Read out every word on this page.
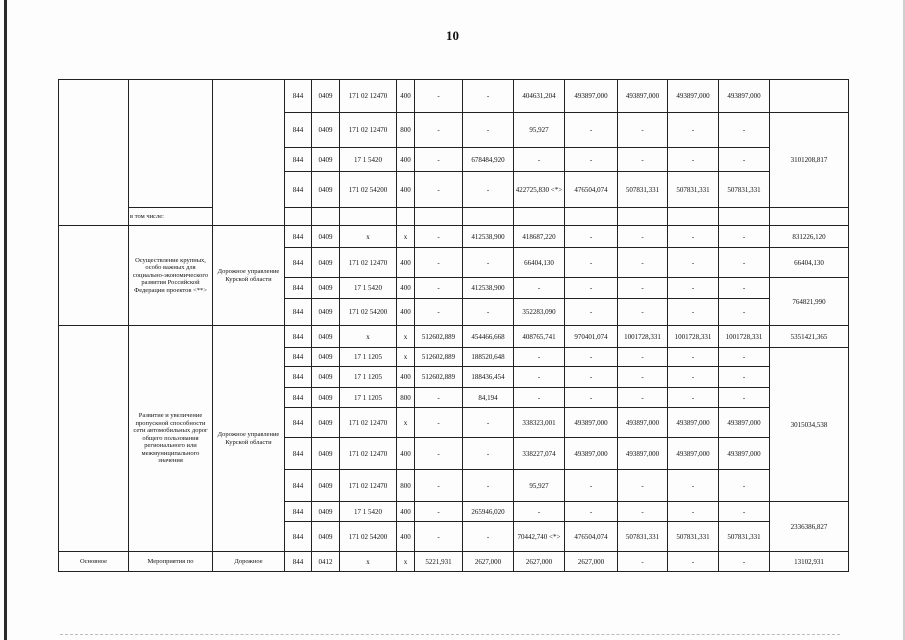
10
			844	0409	171 02 12470	400	-	-	404631,204	493897,000	493897,000	493897,000	493897,000	
			844	0409	171 02 12470	800	-	-	95,927	-	-	-	-	3101208,817
			844	0409	17 1 5420	400	-	678484,920	-	-	-	-	-	
			844	0409	171 02 54200	400	-	-	422725,830 <*>	476504,074	507831,331	507831,331	507831,331	
	в том числе:													
	Осуществление крупных, особо важных для социально-экономического развития Российской Федерации проектов <**>	Дорожное управление Курской области	844	0409	x	x	-	412538,900	418687,220	-	-	-	-	831226,120
			844	0409	171 02 12470	400	-	-	66404,130	-	-	-	-	66404,130
			844	0409	17 1 5420	400	-	412538,900	-	-	-	-	-	764821,990
			844	0409	171 02 54200	400	-	-	352283,090	-	-	-	-	
	Развитие и увеличение пропускной способности сети автомобильных дорог общего пользования регионального или межмуниципального значения	Дорожное управление Курской области	844	0409	x	x	512602,889	454466,668	408765,741	970401,074	1001728,331	1001728,331	1001728,331	5351421,365
			844	0409	17 1 1205	x	512602,889	188520,648	-	-	-	-	-	3015034,538
			844	0409	17 1 1205	400	512602,889	188436,454	-	-	-	-	-	
			844	0409	17 1 1205	800	-	84,194	-	-	-	-	-	
			844	0409	171 02 12470	x	-	-	338323,001	493897,000	493897,000	493897,000	493897,000	
			844	0409	171 02 12470	400	-	-	338227,074	493897,000	493897,000	493897,000	493897,000	
			844	0409	171 02 12470	800	-	-	95,927	-	-	-	-	
			844	0409	17 1 5420	400	-	265946,020	-	-	-	-	-	2336386,827
			844	0409	171 02 54200	400	-	-	70442,740 <*>	476504,074	507831,331	507831,331	507831,331	
Основное	Мероприятия по	Дорожное	844	0412	x	x	5221,931	2627,000	2627,000	2627,000	-	-	-	13102,931
